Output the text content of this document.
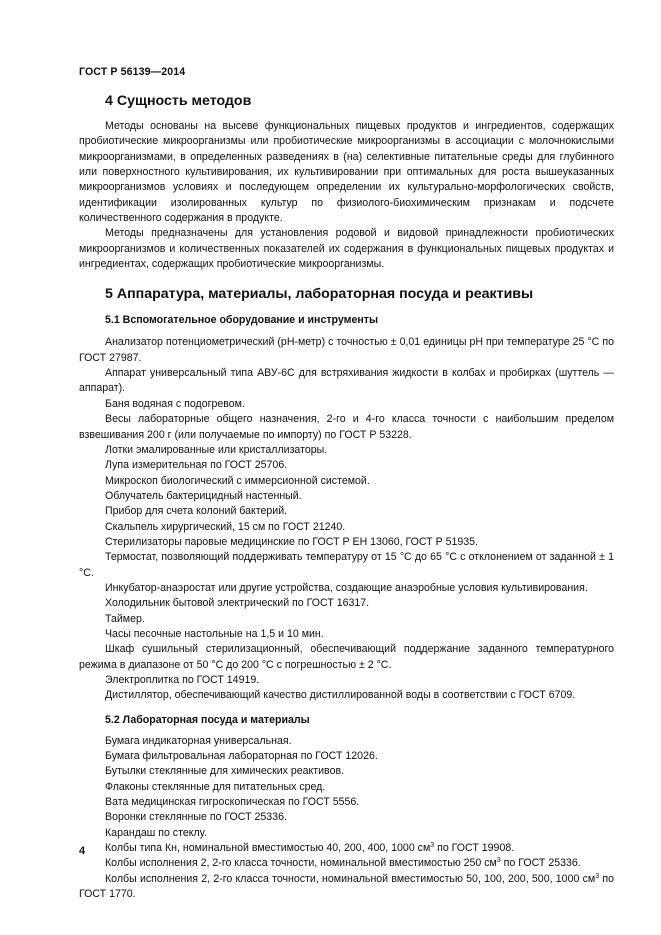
ГОСТ Р 56139—2014
4 Сущность методов

Методы основаны на высеве функциональных пищевых продуктов и ингредиентов, содержащих пробиотические микроорганизмы или пробиотические микроорганизмы в ассоциации с молочнокислыми микроорганизмами, в определенных разведениях в (на) селективные питательные среды для глубинного или поверхностного культивирования, их культивировании при оптимальных для роста вышеуказанных микроорганизмов условиях и последующем определении их культурально-морфологических свойств, идентификации изолированных культур по физиолого-биохимическим признакам и подсчете количественного содержания в продукте.

Методы предназначены для установления родовой и видовой принадлежности пробиотических микроорганизмов и количественных показателей их содержания в функциональных пищевых продуктах и ингредиентах, содержащих пробиотические микроорганизмы.

5 Аппаратура, материалы, лабораторная посуда и реактивы
5.1 Вспомогательное оборудование и инструменты

Анализатор потенциометрический (рН-метр) с точностью ± 0,01 единицы рН при температуре 25 °С по ГОСТ 27987.

Аппарат универсальный типа АВУ-6С для встряхивания жидкости в колбах и пробирках (шуттель — аппарат).

Баня водяная с подогревом.

Весы лабораторные общего назначения, 2-го и 4-го класса точности с наибольшим пределом взвешивания 200 г (или получаемые по импорту) по ГОСТ Р 53228.

Лотки эмалированные или кристаллизаторы.

Лупа измерительная по ГОСТ 25706.

Микроскоп биологический с иммерсионной системой.

Облучатель бактерицидный настенный.

Прибор для счета колоний бактерий.

Скальпель хирургический, 15 см по ГОСТ 21240.

Стерилизаторы паровые медицинские по ГОСТ Р ЕН 13060, ГОСТ Р 51935.

Термостат, позволяющий поддерживать температуру от 15 °С до 65 °С с отклонением от заданной ± 1 °С.

Инкубатор-анаэростат или другие устройства, создающие анаэробные условия культивирования.

Холодильник бытовой электрический по ГОСТ 16317.

Таймер.

Часы песочные настольные на 1,5 и 10 мин.

Шкаф сушильный стерилизационный, обеспечивающий поддержание заданного температурного режима в диапазоне от 50 °С до 200 °С с погрешностью ± 2 °С.

Электроплитка по ГОСТ 14919.

Дистиллятор, обеспечивающий качество дистиллированной воды в соответствии с ГОСТ 6709.

5.2 Лабораторная посуда и материалы

Бумага индикаторная универсальная.

Бумага фильтровальная лабораторная по ГОСТ 12026.

Бутылки стеклянные для химических реактивов.

Флаконы стеклянные для питательных сред.

Вата медицинская гигроскопическая по ГОСТ 5556.

Воронки стеклянные по ГОСТ 25336.

Карандаш по стеклу.

Колбы типа Кн, номинальной вместимостью 40, 200, 400, 1000 $см^3$ по ГОСТ 19908.

Колбы исполнения 2, 2-го класса точности, номинальной вместимостью 250 $см^3$ по ГОСТ 25336.

Колбы исполнения 2, 2-го класса точности, номинальной вместимостью 50, 100, 200, 500, 1000 $см^3$ по ГОСТ 1770.

4
